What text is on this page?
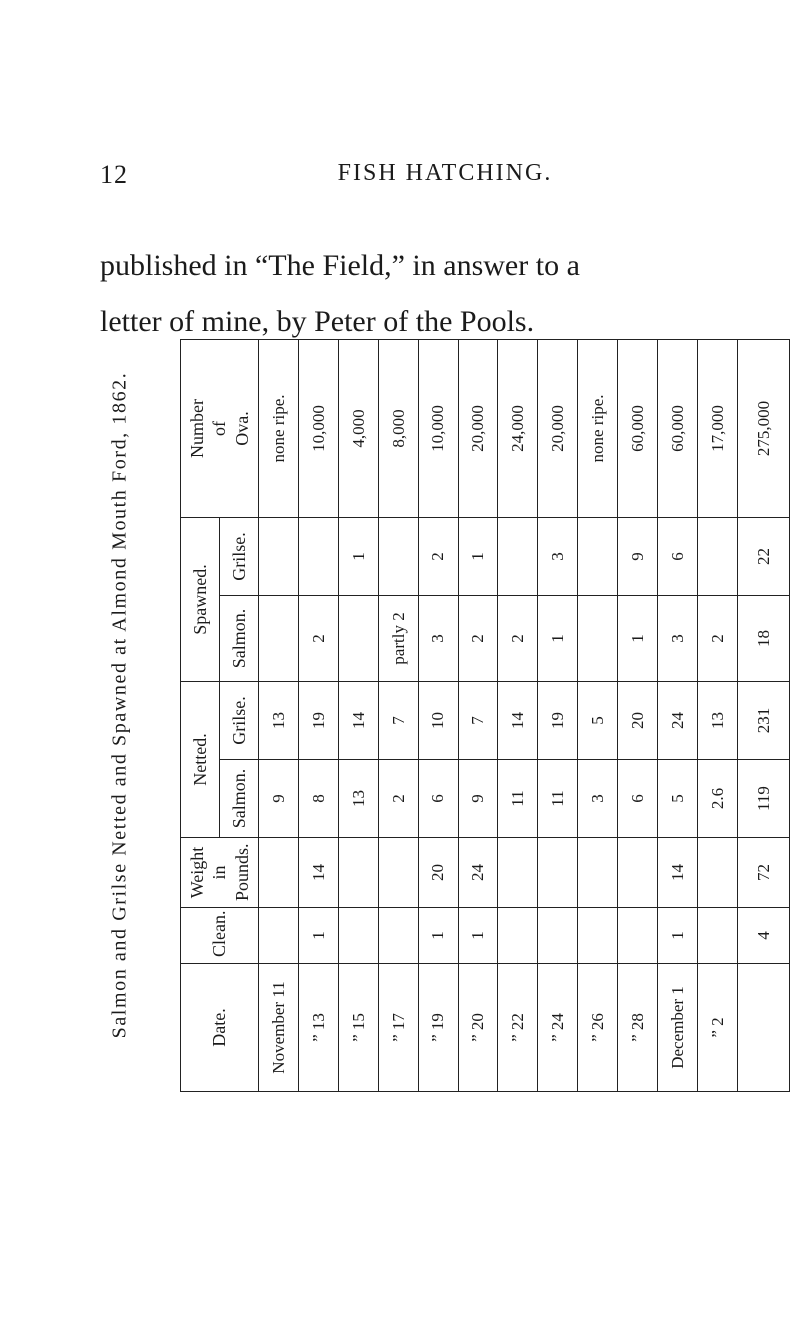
12	FISH HATCHING.
published in “The Field,” in answer to a
letter of mine, by Peter of the Pools.
Salmon and Grilse Netted and Spawned at Almond Mouth Ford, 1862.	Date.	Clean.	Weight in Pounds.	Netted.		Spawned.		Number of Ova.

			Salmon.	Grilse.	Salmon.	Grilse.	
November 11			9	13			none ripe.
” 13	1	14	8	19	2		10,000
” 15			13	14		1	4,000
” 17			2	7	partly 2		8,000
” 19	1	20	6	10	3	2	10,000
” 20	1	24	9	7	2	1	20,000
” 22			11	14	2		24,000
” 24			11	19	1	3	20,000
” 26			3	5			none ripe.
” 28			6	20	1	9	60,000
December 1	1	14	5	24	3	6	60,000
” 2			2.6	13	2		17,000
	4	72	119	231	18	22	275,000
